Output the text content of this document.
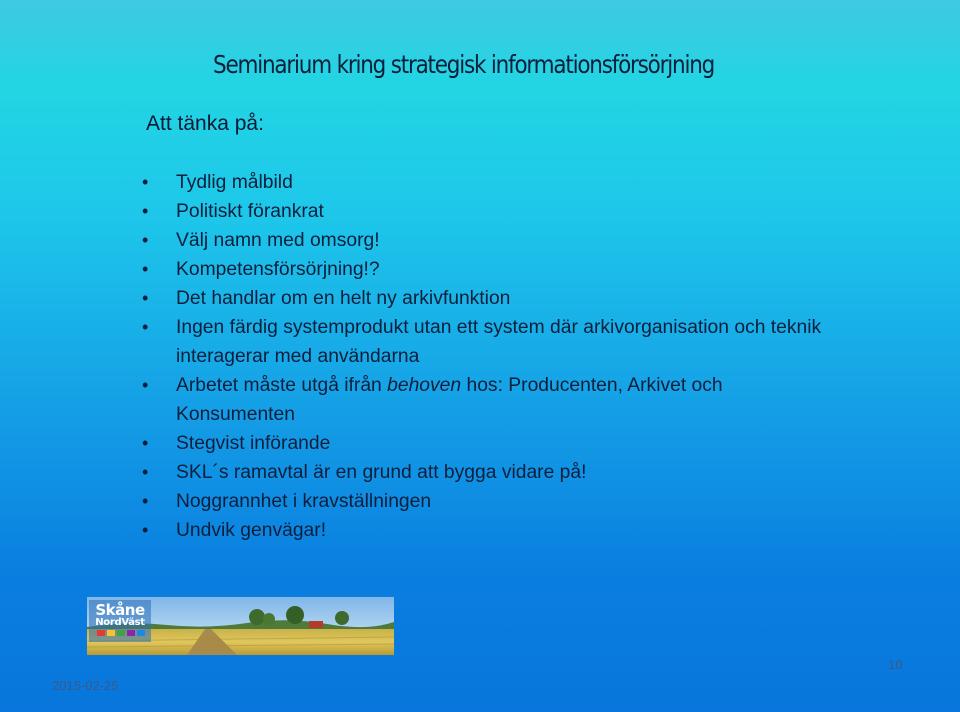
Seminarium kring strategisk informationsförsörjning
Att tänka på:
• Tydlig målbild
• Politiskt förankrat
• Välj namn med omsorg!
• Kompetensförsörjning!?
• Det handlar om en helt ny arkivfunktion
• Ingen färdig systemprodukt utan ett system där arkivorganisation och teknik interagerar med användarna
• Arbetet måste utgå ifrån behoven hos: Producenten, Arkivet och Konsumenten
• Stegvist införande
• SKL´s ramavtal är en grund att bygga vidare på!
• Noggrannhet i kravställningen
• Undvik genvägar!
Skåne
NordVäst
2015-02-25
10
